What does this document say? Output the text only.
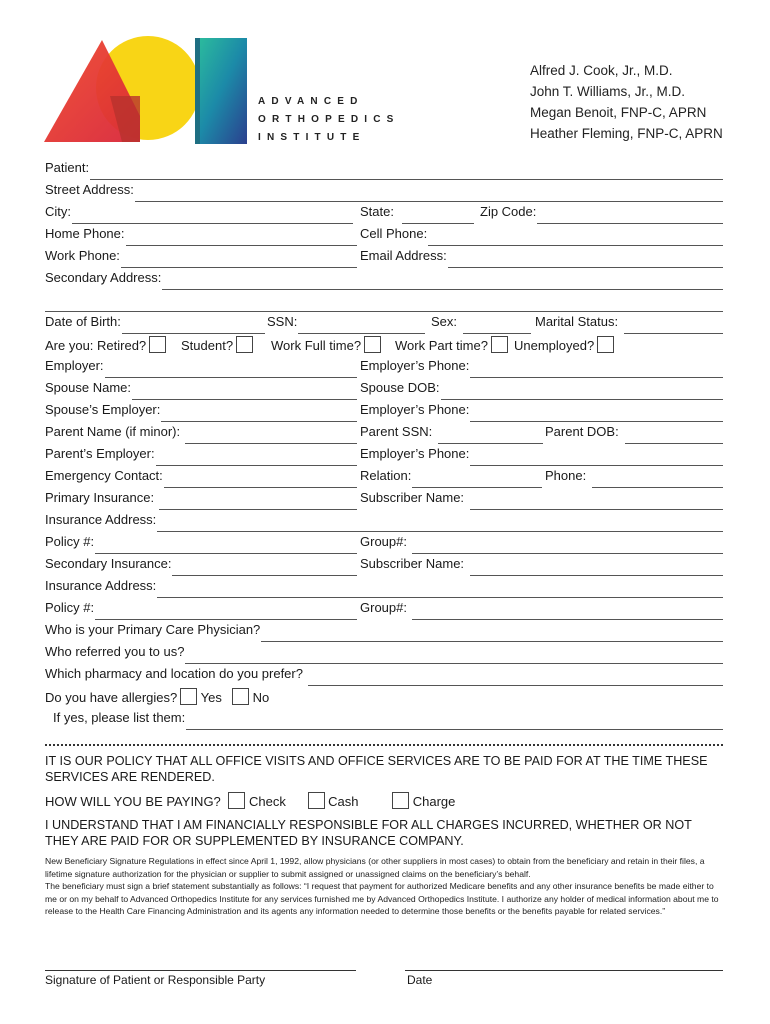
ADVANCED
ORTHOPEDICS
INSTITUTE
Alfred J. Cook, Jr., M.D.
John T. Williams, Jr., M.D.
Megan Benoit, FNP-C, APRN
Heather Fleming, FNP-C, APRN
Patient:
Street Address:
City:	State:	Zip Code:
Home Phone:	Cell Phone:
Work Phone:	Email Address:
Secondary Address:
Date of Birth:	SSN:	Sex:	Marital Status:
Are you: Retired?	Student?	Work Full time?	Work Part time?	Unemployed?
Employer:	Employer’s Phone:
Spouse Name:	Spouse DOB:
Spouse’s Employer:	Employer’s Phone:
Parent Name (if minor):	Parent SSN:	Parent DOB:
Parent’s Employer:	Employer’s Phone:
Emergency Contact:	Relation:	Phone:
Primary Insurance:	Subscriber Name:
Insurance Address:
Policy #:	Group#:
Secondary Insurance:	Subscriber Name:
Insurance Address:
Policy #:	Group#:
Who is your Primary Care Physician?
Who referred you to us?
Which pharmacy and location do you prefer?
Do you have allergies? Yes	No
If yes, please list them:
IT IS OUR POLICY THAT ALL OFFICE VISITS AND OFFICE SERVICES ARE TO BE PAID FOR AT THE TIME THESE SERVICES ARE RENDERED.
HOW WILL YOU BE PAYING? Check	Cash	Charge
I UNDERSTAND THAT I AM FINANCIALLY RESPONSIBLE FOR ALL CHARGES INCURRED, WHETHER OR NOT THEY ARE PAID FOR OR SUPPLEMENTED BY INSURANCE COMPANY.
New Beneficiary Signature Regulations in effect since April 1, 1992, allow physicians (or other suppliers in most cases) to obtain from the beneficiary and retain in their files, a lifetime signature authorization for the physician or supplier to submit assigned or unassigned claims on the beneficiary’s behalf.
The beneficiary must sign a brief statement substantially as follows: “I request that payment for authorized Medicare benefits and any other insurance benefits be made either to me or on my behalf to Advanced Orthopedics Institute for any services furnished me by Advanced Orthopedics Institute. I authorize any holder of medical information about me to release to the Health Care Financing Administration and its agents any information needed to determine those benefits or the benefits payable for related services.”
Signature of Patient or Responsible Party	Date
